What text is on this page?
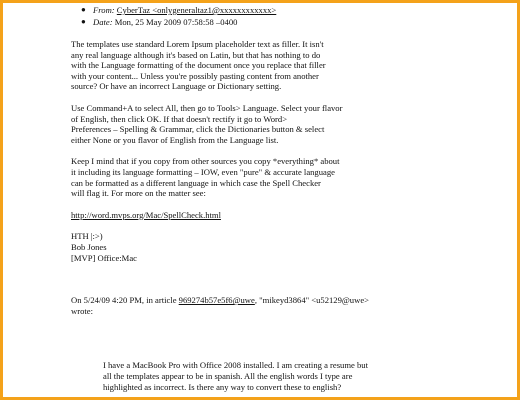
● From: CyberTaz <onlygeneraltaz1@xxxxxxxxxxxx>
● Date: Mon, 25 May 2009 07:58:58 –0400
The templates use standard Lorem Ipsum placeholder text as filler. It isn't
any real language although it's based on Latin, but that has nothing to do
with the Language formatting of the document once you replace that filler
with your content... Unless you're possibly pasting content from another
source? Or have an incorrect Language or Dictionary setting.
Use Command+A to select All, then go to Tools> Language. Select your flavor
of English, then click OK. If that doesn't rectify it go to Word>
Preferences – Spelling & Grammar, click the Dictionaries button & select
either None or you flavor of English from the Language list.
Keep I mind that if you copy from other sources you copy *everything* about
it including its language formatting – IOW, even "pure" & accurate language
can be formatted as a different language in which case the Spell Checker
will flag it. For more on the matter see:
http://word.mvps.org/Mac/SpellCheck.html
HTH |:>)
Bob Jones
[MVP] Office:Mac
On 5/24/09 4:20 PM, in article 969274b57e5f6@uwe, "mikeyd3864" <u52129@uwe>
wrote:
I have a MacBook Pro with Office 2008 installed. I am creating a resume but
all the templates appear to be in spanish. All the english words I type are
highlighted as incorrect. Is there any way to convert these to english?
